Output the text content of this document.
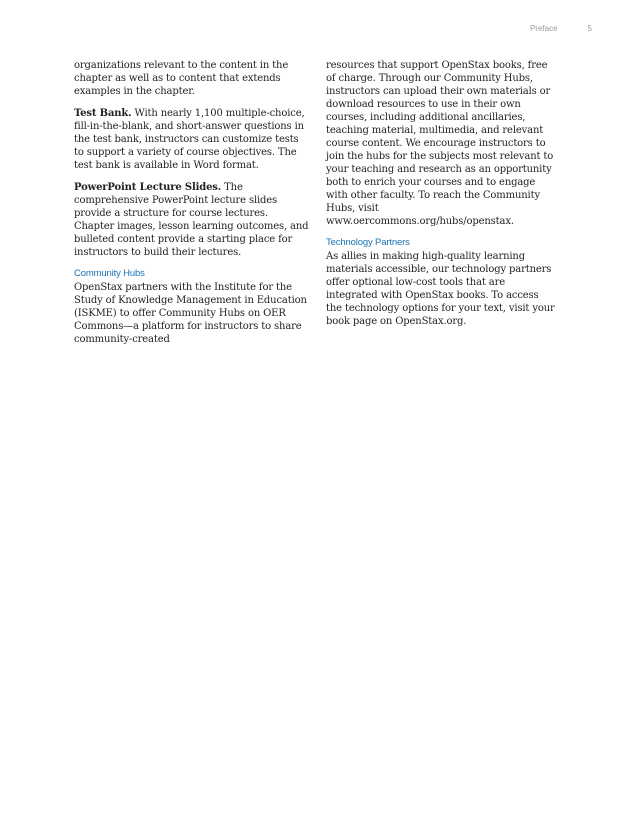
Preface	5

organizations relevant to the content in the chapter as well as to content that extends examples in the chapter.

Test Bank. With nearly 1,100 multiple-choice, fill-in-the-blank, and short-answer questions in the test bank, instructors can customize tests to support a variety of course objectives. The test bank is available in Word format.

PowerPoint Lecture Slides. The comprehensive PowerPoint lecture slides provide a structure for course lectures. Chapter images, lesson learning outcomes, and bulleted content provide a starting place for instructors to build their lectures.

Community Hubs

OpenStax partners with the Institute for the Study of Knowledge Management in Education (ISKME) to offer Community Hubs on OER Commons—a platform for instructors to share community-created

resources that support OpenStax books, free of charge. Through our Community Hubs, instructors can upload their own materials or download resources to use in their own courses, including additional ancillaries, teaching material, multimedia, and relevant course content. We encourage instructors to join the hubs for the subjects most relevant to your teaching and research as an opportunity both to enrich your courses and to engage with other faculty. To reach the Community Hubs, visit www.oercommons.org/hubs/openstax.

Technology Partners

As allies in making high-quality learning materials accessible, our technology partners offer optional low-cost tools that are integrated with OpenStax books. To access the technology options for your text, visit your book page on OpenStax.org.
